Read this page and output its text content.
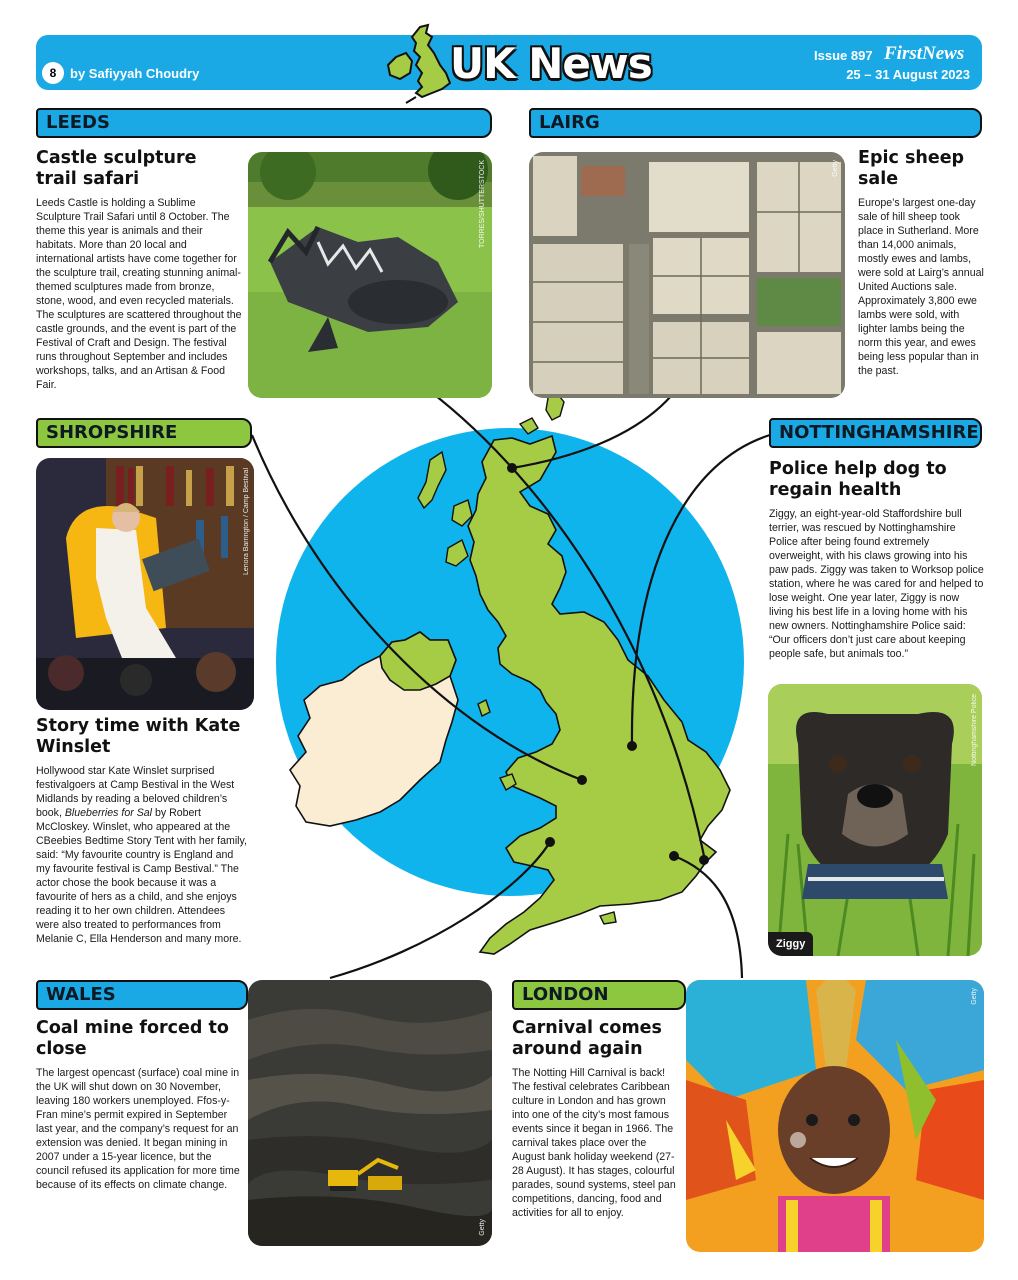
8	by Safiyyah Choudry	UK News	Issue 897 FirstNews
25 – 31 August 2023
LEEDS
Castle sculpture trail safari
Leeds Castle is holding a Sublime Sculpture Trail Safari until 8 October. The theme this year is animals and their habitats. More than 20 local and international artists have come together for the sculpture trail, creating stunning animal-themed sculptures made from bronze, stone, wood, and even recycled materials. The sculptures are scattered throughout the castle grounds, and the event is part of the Festival of Craft and Design. The festival runs throughout September and includes workshops, talks, and an Artisan & Food Fair.
TORRES/SHUTTERSTOCK
LAIRG
Getty
Epic sheep sale
Europe’s largest one-day sale of hill sheep took place in Sutherland. More than 14,000 animals, mostly ewes and lambs, were sold at Lairg’s annual United Auctions sale. Approximately 3,800 ewe lambs were sold, with lighter lambs being the norm this year, and ewes being less popular than in the past.
SHROPSHIRE
Lenora Barrington / Camp Bestival
Story time with Kate Winslet
Hollywood star Kate Winslet surprised festivalgoers at Camp Bestival in the West Midlands by reading a beloved children’s book, Blueberries for Sal by Robert McCloskey. Winslet, who appeared at the CBeebies Bedtime Story Tent with her family, said: “My favourite country is England and my favourite festival is Camp Bestival.” The actor chose the book because it was a favourite of hers as a child, and she enjoys reading it to her own children. Attendees were also treated to performances from Melanie C, Ella Henderson and many more.
NOTTINGHAMSHIRE
Police help dog to regain health
Ziggy, an eight-year-old Staffordshire bull terrier, was rescued by Nottinghamshire Police after being found extremely overweight, with his claws growing into his paw pads. Ziggy was taken to Worksop police station, where he was cared for and helped to lose weight. One year later, Ziggy is now living his best life in a loving home with his new owners. Nottinghamshire Police said: “Our officers don’t just care about keeping people safe, but animals too.”
Ziggy
Nottinghamshire Police
WALES
Coal mine forced to close
The largest opencast (surface) coal mine in the UK will shut down on 30 November, leaving 180 workers unemployed. Ffos-y-Fran mine’s permit expired in September last year, and the company’s request for an extension was denied. It began mining in 2007 under a 15-year licence, but the council refused its application for more time because of its effects on climate change.
Getty
LONDON
Carnival comes around again
The Notting Hill Carnival is back! The festival celebrates Caribbean culture in London and has grown into one of the city’s most famous events since it began in 1966. The carnival takes place over the August bank holiday weekend (27-28 August). It has stages, colourful parades, sound systems, steel pan competitions, dancing, food and activities for all to enjoy.
Getty
